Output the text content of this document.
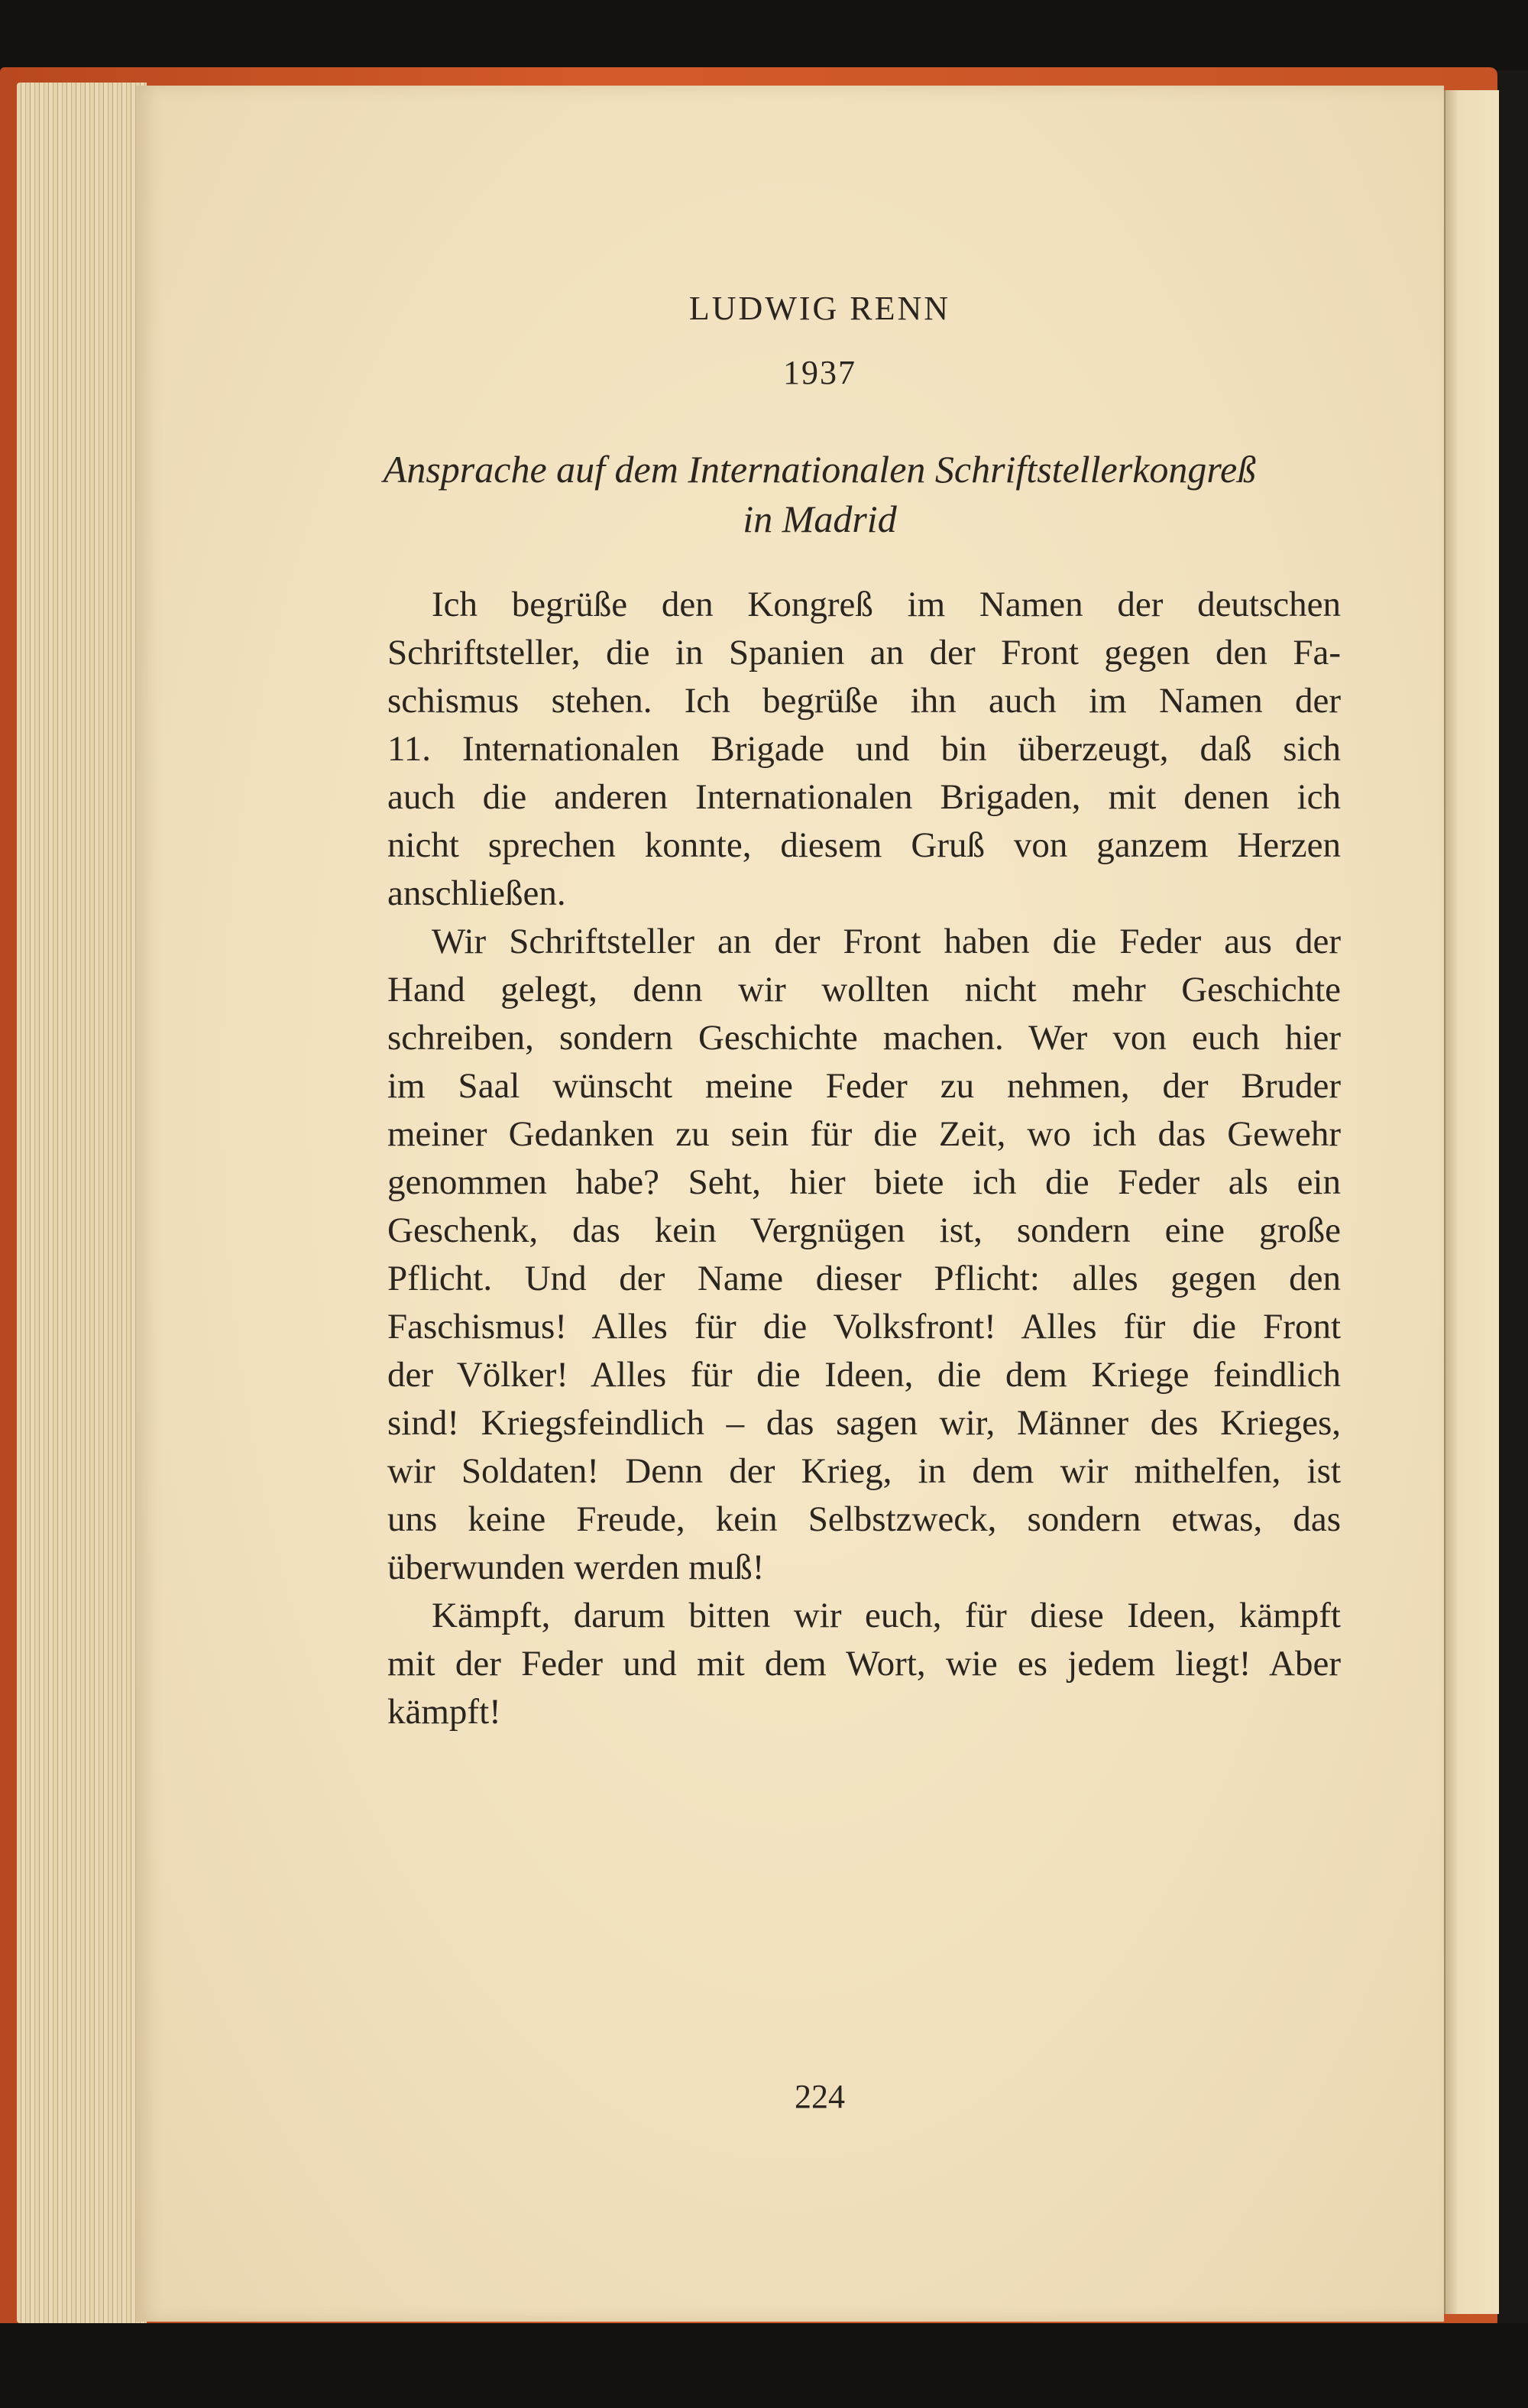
LUDWIG RENN
1937
Ansprache auf dem Internationalen Schriftstellerkongreß
in Madrid
Ich begrüße den Kongreß im Namen der deutschen
Schriftsteller, die in Spanien an der Front gegen den Fa-
schismus stehen. Ich begrüße ihn auch im Namen der
11. Internationalen Brigade und bin überzeugt, daß sich
auch die anderen Internationalen Brigaden, mit denen ich
nicht sprechen konnte, diesem Gruß von ganzem Herzen
anschließen.
Wir Schriftsteller an der Front haben die Feder aus der
Hand gelegt, denn wir wollten nicht mehr Geschichte
schreiben, sondern Geschichte machen. Wer von euch hier
im Saal wünscht meine Feder zu nehmen, der Bruder
meiner Gedanken zu sein für die Zeit, wo ich das Gewehr
genommen habe? Seht, hier biete ich die Feder als ein
Geschenk, das kein Vergnügen ist, sondern eine große
Pflicht. Und der Name dieser Pflicht: alles gegen den
Faschismus! Alles für die Volksfront! Alles für die Front
der Völker! Alles für die Ideen, die dem Kriege feindlich
sind! Kriegsfeindlich – das sagen wir, Männer des Krieges,
wir Soldaten! Denn der Krieg, in dem wir mithelfen, ist
uns keine Freude, kein Selbstzweck, sondern etwas, das
überwunden werden muß!
Kämpft, darum bitten wir euch, für diese Ideen, kämpft
mit der Feder und mit dem Wort, wie es jedem liegt! Aber
kämpft!
224
